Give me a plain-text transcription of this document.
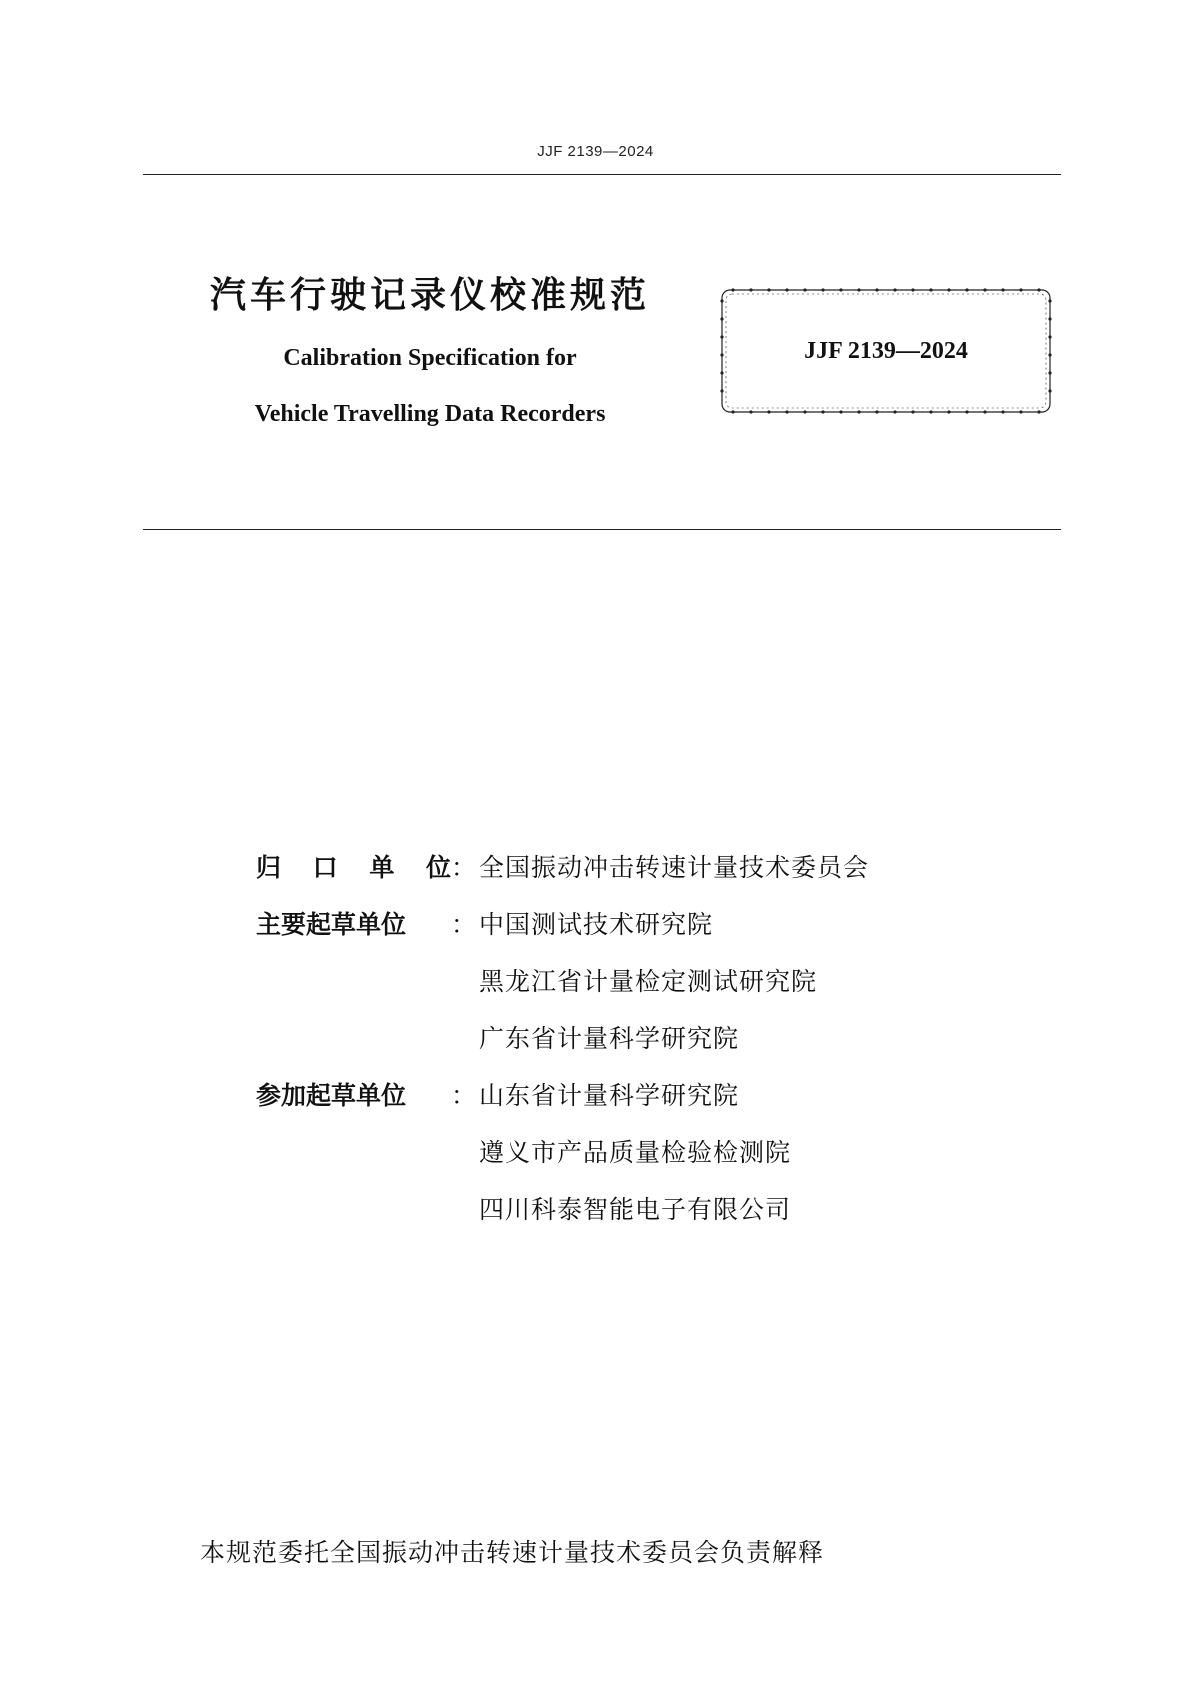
JJF 2139—2024

汽车行驶记录仪校准规范

Calibration Specification for

Vehicle Travelling Data Recorders

JJF 2139—2024
归 口 单 位 ： 全国振动冲击转速计量技术委员会
主要起草单位	： 中国测试技术研究院
黑龙江省计量检定测试研究院
广东省计量科学研究院
参加起草单位	： 山东省计量科学研究院
遵义市产品质量检验检测院
四川科泰智能电子有限公司
本规范委托全国振动冲击转速计量技术委员会负责解释
